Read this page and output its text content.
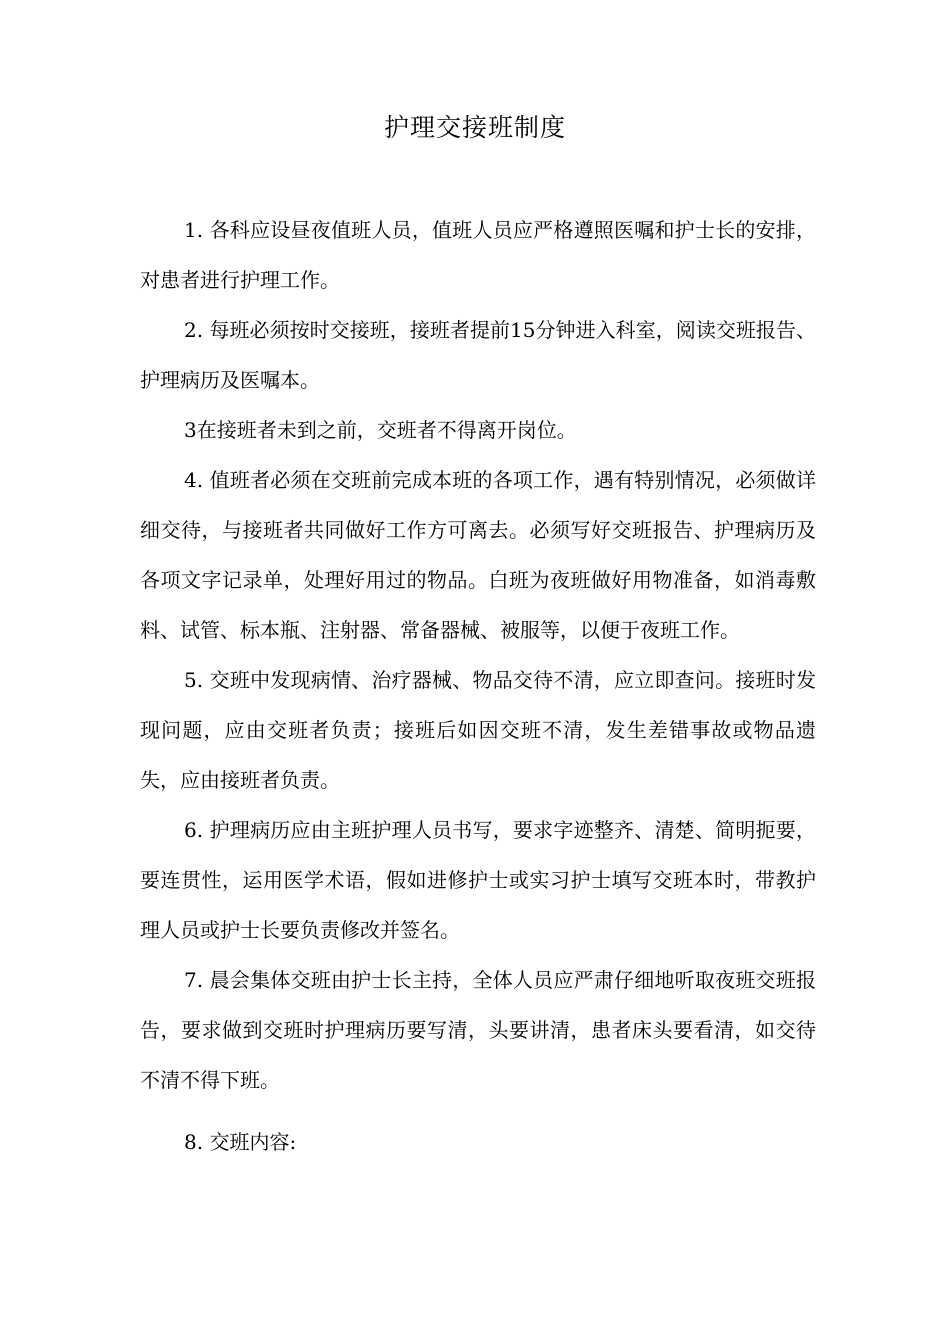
护理交接班制度

1. 各科应设昼夜值班人员，值班人员应严格遵照医嘱和护士长的安排，对患者进行护理工作。

2. 每班必须按时交接班，接班者提前15分钟进入科室，阅读交班报告、护理病历及医嘱本。

3在接班者未到之前，交班者不得离开岗位。

4. 值班者必须在交班前完成本班的各项工作，遇有特别情况，必须做详细交待，与接班者共同做好工作方可离去。必须写好交班报告、护理病历及各项文字记录单，处理好用过的物品。白班为夜班做好用物准备，如消毒敷料、试管、标本瓶、注射器、常备器械、被服等，以便于夜班工作。

5. 交班中发现病情、治疗器械、物品交待不清，应立即查问。接班时发现问题，应由交班者负责；接班后如因交班不清，发生差错事故或物品遗失，应由接班者负责。

6. 护理病历应由主班护理人员书写，要求字迹整齐、清楚、简明扼要，要连贯性，运用医学术语，假如进修护士或实习护士填写交班本时，带教护理人员或护士长要负责修改并签名。

7. 晨会集体交班由护士长主持，全体人员应严肃仔细地听取夜班交班报告，要求做到交班时护理病历要写清，头要讲清，患者床头要看清，如交待不清不得下班。

8. 交班内容:
